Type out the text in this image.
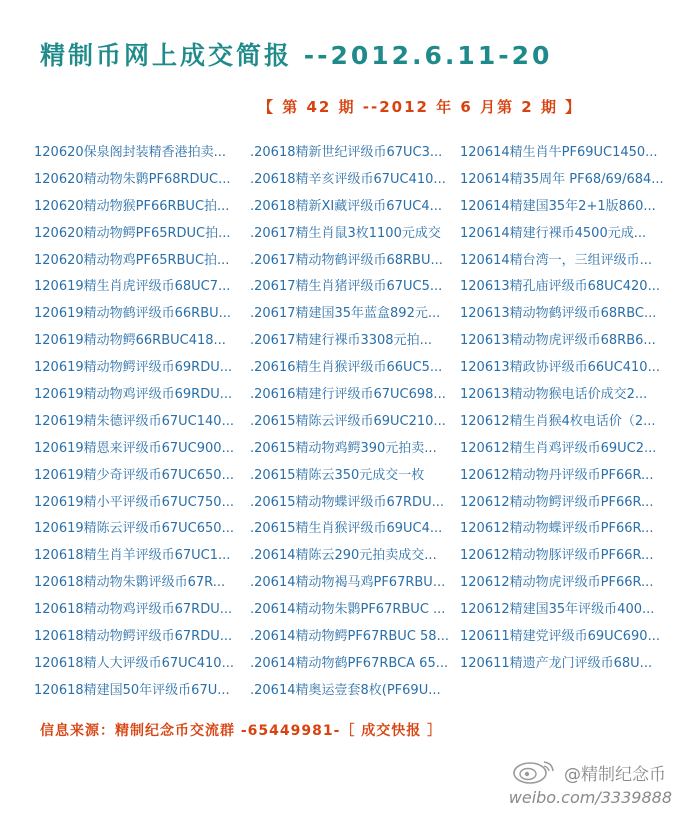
精制币网上成交简报 --2012.6.11-20
【 第 42 期 --2012 年 6 月第 2 期 】
120620保泉阁封装精香港拍卖...
120620精动物朱鹮PF68RDUC...
120620精动物猴PF66RBUC拍...
120620精动物鳄PF65RDUC拍...
120620精动物鸡PF65RBUC拍...
120619精生肖虎评级币68UC7...
120619精动物鹤评级币66RBU...
120619精动物鳄66RBUC418...
120619精动物鳄评级币69RDU...
120619精动物鸡评级币69RDU...
120619精朱德评级币67UC140...
120619精恩来评级币67UC900...
120619精少奇评级币67UC650...
120619精小平评级币67UC750...
120619精陈云评级币67UC650...
120618精生肖羊评级币67UC1...
120618精动物朱鹮评级币67R...
120618精动物鸡评级币67RDU...
120618精动物鳄评级币67RDU...
120618精人大评级币67UC410...
120618精建国50年评级币67U...
.20618精新世纪评级币67UC3...
.20618精辛亥评级币67UC410...
.20618精新XI藏评级币67UC4...
.20617精生肖鼠3枚1100元成交
.20617精动物鹤评级币68RBU...
.20617精生肖猪评级币67UC5...
.20617精建国35年蓝盒892元...
.20617精建行裸币3308元拍...
.20616精生肖猴评级币66UC5...
.20616精建行评级币67UC698...
.20615精陈云评级币69UC210...
.20615精动物鸡鳄390元拍卖...
.20615精陈云350元成交一枚
.20615精动物蝶评级币67RDU...
.20615精生肖猴评级币69UC4...
.20614精陈云290元拍卖成交...
.20614精动物褐马鸡PF67RBU...
.20614精动物朱鹮PF67RBUC ...
.20614精动物鳄PF67RBUC 58...
.20614精动物鹤PF67RBCA 65...
.20614精奥运壹套8枚(PF69U...
120614精生肖牛PF69UC1450...
120614精35周年 PF68/69/684...
120614精建国35年2+1版860...
120614精建行裸币4500元成...
120614精台湾一，三组评级币...
120613精孔庙评级币68UC420...
120613精动物鹤评级币68RBC...
120613精动物虎评级币68RB6...
120613精政协评级币66UC410...
120613精动物猴电话价成交2...
120612精生肖猴4枚电话价（2...
120612精生肖鸡评级币69UC2...
120612精动物丹评级币PF66R...
120612精动物鳄评级币PF66R...
120612精动物蝶评级币PF66R...
120612精动物豚评级币PF66R...
120612精动物虎评级币PF66R...
120612精建国35年评级币400...
120611精建党评级币69UC690...
120611精遗产龙门评级币68U...
信息来源：精制纪念币交流群 -65449981-［ 成交快报 ］
@精制纪念币
weibo.com/3339888
